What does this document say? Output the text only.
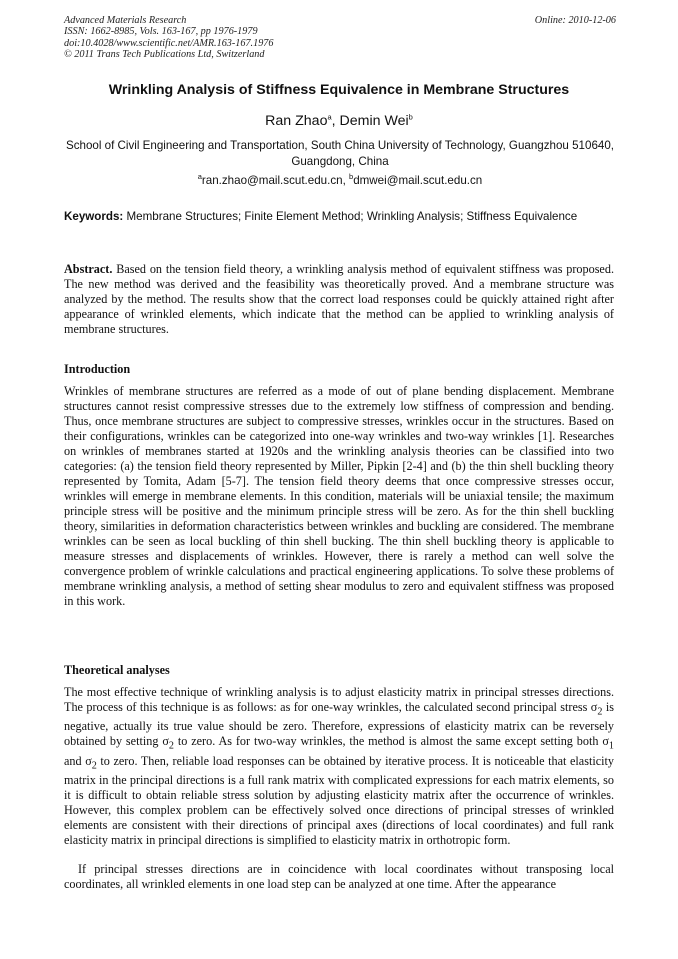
Advanced Materials Research
ISSN: 1662-8985, Vols. 163-167, pp 1976-1979
doi:10.4028/www.scientific.net/AMR.163-167.1976
© 2011 Trans Tech Publications Ltd, Switzerland
Online: 2010-12-06
Wrinkling Analysis of Stiffness Equivalence in Membrane Structures
Ran Zhao$^a$, Demin Wei$^b$
School of Civil Engineering and Transportation, South China University of Technology, Guangzhou 510640, Guangdong, China
$^a$ran.zhao@mail.scut.edu.cn, $^b$dmwei@mail.scut.edu.cn
Keywords: Membrane Structures; Finite Element Method; Wrinkling Analysis; Stiffness Equivalence

Abstract. Based on the tension field theory, a wrinkling analysis method of equivalent stiffness was proposed. The new method was derived and the feasibility was theoretically proved. And a membrane structure was analyzed by the method. The results show that the correct load responses could be quickly attained right after appearance of wrinkled elements, which indicate that the method can be applied to wrinkling analysis of membrane structures.

Introduction

Wrinkles of membrane structures are referred as a mode of out of plane bending displacement. Membrane structures cannot resist compressive stresses due to the extremely low stiffness of compression and bending. Thus, once membrane structures are subject to compressive stresses, wrinkles occur in the structures. Based on their configurations, wrinkles can be categorized into one-way wrinkles and two-way wrinkles [1]. Researches on wrinkles of membranes started at 1920s and the wrinkling analysis theories can be classified into two categories: (a) the tension field theory represented by Miller, Pipkin [2-4] and (b) the thin shell buckling theory represented by Tomita, Adam [5-7]. The tension field theory deems that once compressive stresses occur, wrinkles will emerge in membrane elements. In this condition, materials will be uniaxial tensile; the maximum principle stress will be positive and the minimum principle stress will be zero. As for the thin shell buckling theory, similarities in deformation characteristics between wrinkles and buckling are considered. The membrane wrinkles can be seen as local buckling of thin shell bucking. The thin shell buckling theory is applicable to measure stresses and displacements of wrinkles. However, there is rarely a method can well solve the convergence problem of wrinkle calculations and practical engineering applications. To solve these problems of membrane wrinkling analysis, a method of setting shear modulus to zero and equivalent stiffness was proposed in this work.

Theoretical analyses

The most effective technique of wrinkling analysis is to adjust elasticity matrix in principal stresses directions. The process of this technique is as follows: as for one-way wrinkles, the calculated second principal stress $\sigma_2$ is negative, actually its true value should be zero. Therefore, expressions of elasticity matrix can be reversely obtained by setting $\sigma_2$ to zero. As for two-way wrinkles, the method is almost the same except setting both $\sigma_1$ and $\sigma_2$ to zero. Then, reliable load responses can be obtained by iterative process. It is noticeable that elasticity matrix in the principal directions is a full rank matrix with complicated expressions for each matrix elements, so it is difficult to obtain reliable stress solution by adjusting elasticity matrix after the occurrence of wrinkles. However, this complex problem can be effectively solved once directions of principal stresses of wrinkled elements are consistent with their directions of principal axes (directions of local coordinates) and full rank elasticity matrix in principal directions is simplified to elasticity matrix in orthotropic form.

If principal stresses directions are in coincidence with local coordinates without transposing local coordinates, all wrinkled elements in one load step can be analyzed at one time. After the appearance
